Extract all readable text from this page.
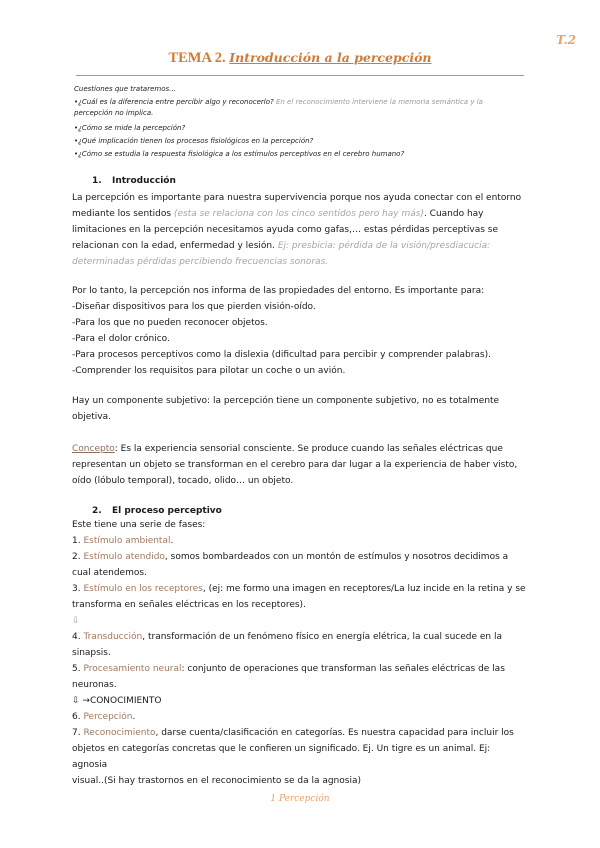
T.2
TEMA 2. Introducción a la percepción
Cuestiones que trataremos…
•¿Cuál es la diferencia entre percibir algo y reconocerlo? En el reconocimiento interviene la memoria semántica y la
percepción no implica.
•¿Cómo se mide la percepción?
•¿Qué implicación tienen los procesos fisiológicos en la percepción?
•¿Cómo se estudia la respuesta fisiológica a los estímulos perceptivos en el cerebro humano?
1. Introducción
La percepción es importante para nuestra supervivencia porque nos ayuda conectar con el entorno
mediante los sentidos (esta se relaciona con los cinco sentidos pero hay más). Cuando hay
limitaciones en la percepción necesitamos ayuda como gafas,… estas pérdidas perceptivas se
relacionan con la edad, enfermedad y lesión. Ej: presbicia: pérdida de la visión/presdiacucia:
determinadas pérdidas percibiendo frecuencias sonoras.
Por lo tanto, la percepción nos informa de las propiedades del entorno. Es importante para:
-Diseñar dispositivos para los que pierden visión-oído.
-Para los que no pueden reconocer objetos.
-Para el dolor crónico.
-Para procesos perceptivos como la dislexia (dificultad para percibir y comprender palabras).
-Comprender los requisitos para pilotar un coche o un avión.
Hay un componente subjetivo: la percepción tiene un componente subjetivo, no es totalmente
objetiva.
Concepto: Es la experiencia sensorial consciente. Se produce cuando las señales eléctricas que
representan un objeto se transforman en el cerebro para dar lugar a la experiencia de haber visto,
oído (lóbulo temporal), tocado, olido… un objeto.
2. El proceso perceptivo
Este tiene una serie de fases:
1. Estímulo ambiental.
2. Estímulo atendido, somos bombardeados con un montón de estímulos y nosotros decidimos a
cual atendemos.
3. Estímulo en los receptores, (ej: me formo una imagen en receptores/La luz incide en la retina y se
transforma en señales eléctricas en los receptores).
⇩
4. Transducción, transformación de un fenómeno físico en energía elétrica, la cual sucede en la
sinapsis.
5. Procesamiento neural: conjunto de operaciones que transforman las señales eléctricas de las
neuronas.
⇩ →CONOCIMIENTO
6. Percepción.
7. Reconocimiento, darse cuenta/clasificación en categorías. Es nuestra capacidad para incluir los
objetos en categorías concretas que le confieren un significado. Ej. Un tigre es un animal. Ej: agnosia
visual..(Si hay trastornos en el reconocimiento se da la agnosia)
1 Percepción
